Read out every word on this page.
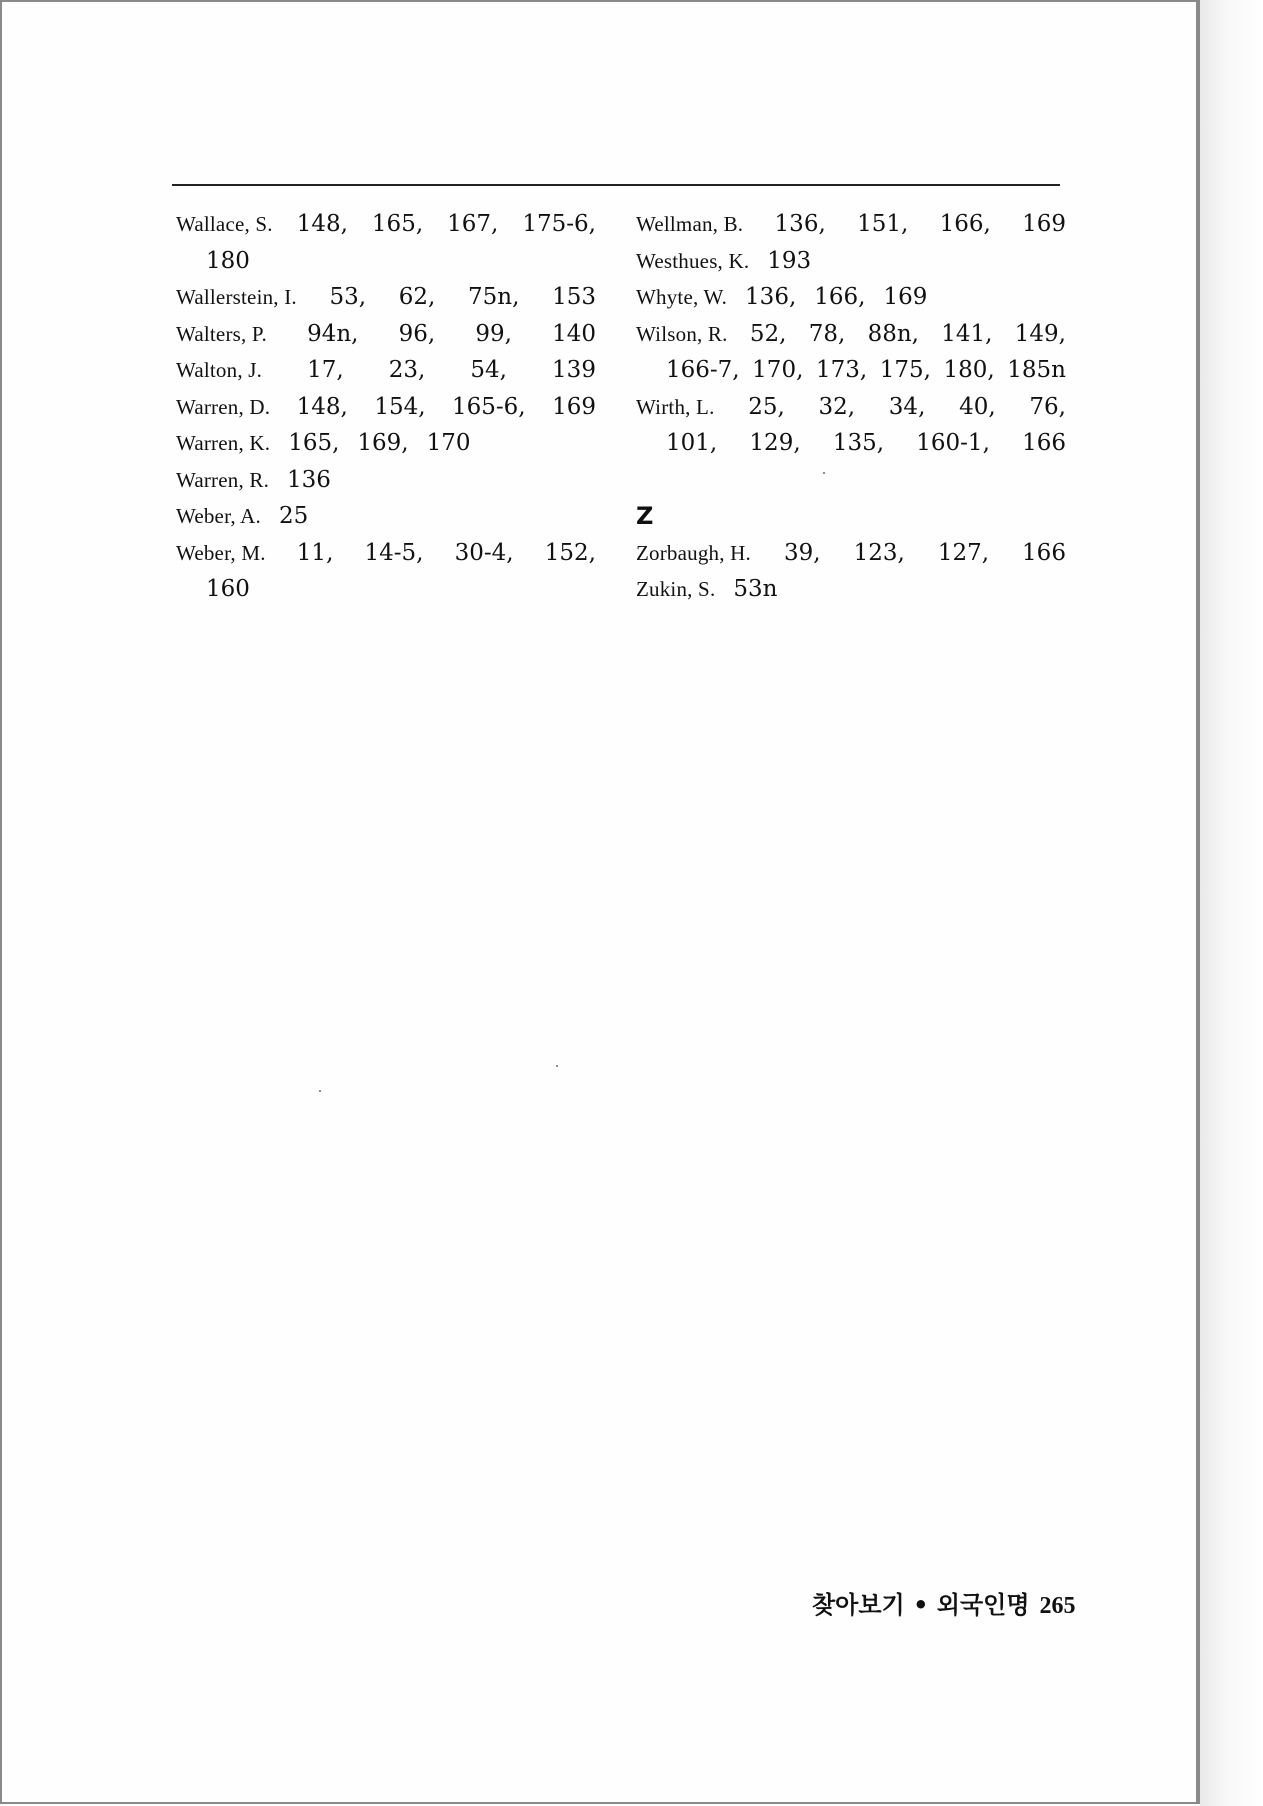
Wallace, S. 148, 165, 167, 175-6,
180
Wallerstein, I. 53, 62, 75n, 153
Walters, P. 94n, 96, 99, 140
Walton, J. 17, 23, 54, 139
Warren, D. 148, 154, 165-6, 169
Warren, K. 165, 169, 170
Warren, R. 136
Weber, A. 25
Weber, M. 11, 14-5, 30-4, 152,
160
Wellman, B. 136, 151, 166, 169
Westhues, K. 193
Whyte, W. 136, 166, 169
Wilson, R. 52, 78, 88n, 141, 149,
166-7, 170, 173, 175, 180, 185n
Wirth, L. 25, 32, 34, 40, 76,
101, 129, 135, 160-1, 166
Z
Zorbaugh, H. 39, 123, 127, 166
Zukin, S. 53n
찾아보기 • 외국인명 265
